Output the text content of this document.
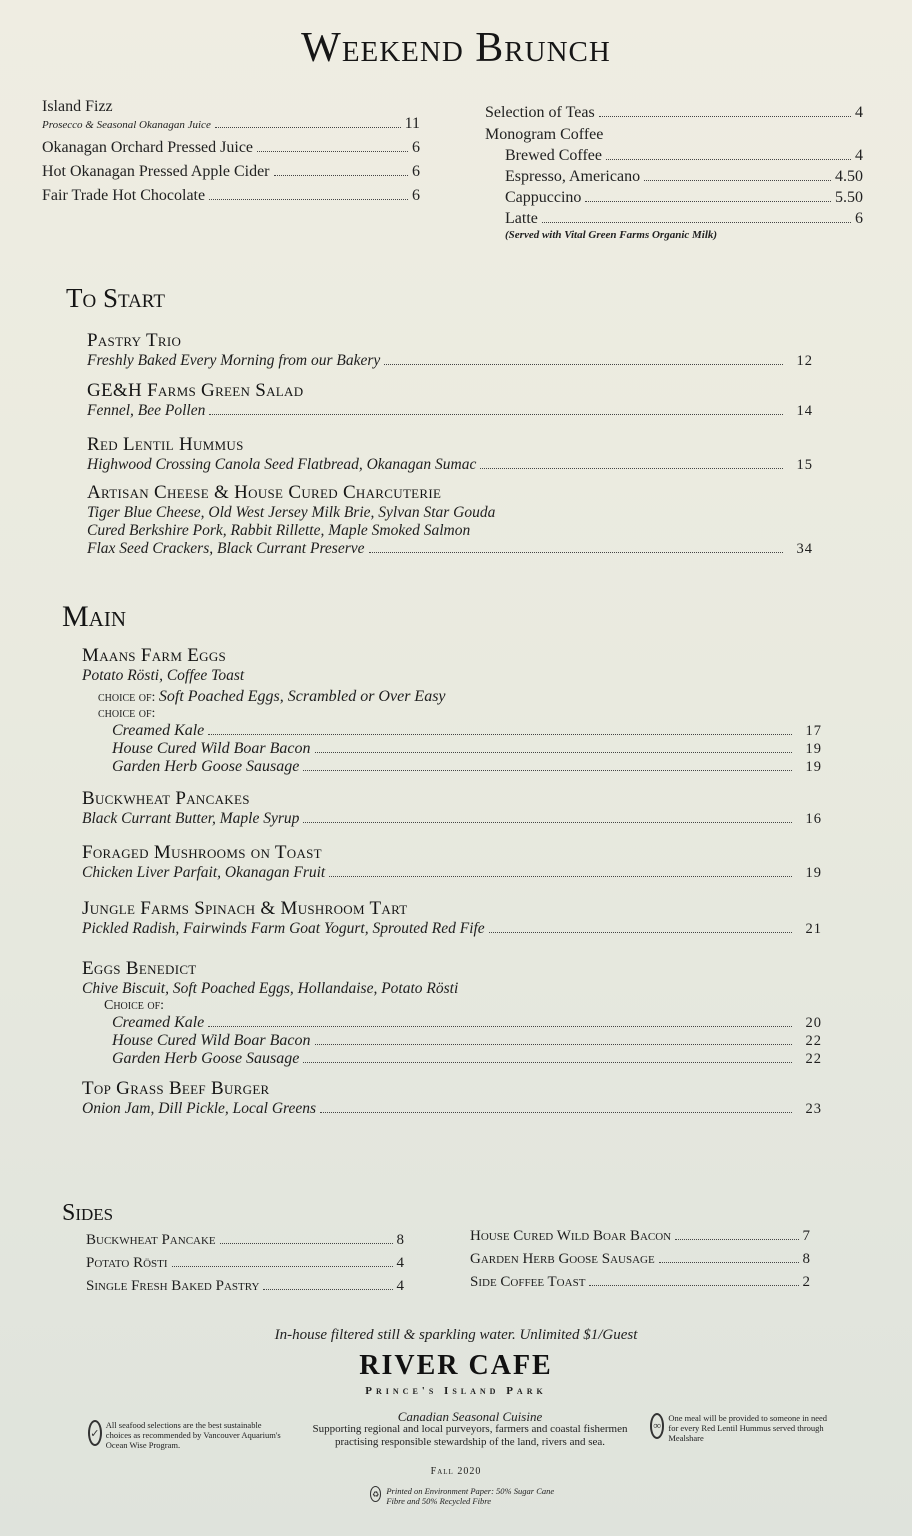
Weekend Brunch
Island Fizz
Prosecco & Seasonal Okanagan Juice	11
Okanagan Orchard Pressed Juice	6
Hot Okanagan Pressed Apple Cider	6
Fair Trade Hot Chocolate	6
Selection of Teas	4
Monogram Coffee
Brewed Coffee	4
Espresso, Americano	4.50
Cappuccino	5.50
Latte	6
(Served with Vital Green Farms Organic Milk)
To Start
Pastry Trio
Freshly Baked Every Morning from our Bakery	12
GE&H Farms Green Salad
Fennel, Bee Pollen	14
Red Lentil Hummus
Highwood Crossing Canola Seed Flatbread, Okanagan Sumac	15
Artisan Cheese & House Cured Charcuterie
Tiger Blue Cheese, Old West Jersey Milk Brie, Sylvan Star Gouda
Cured Berkshire Pork, Rabbit Rillette, Maple Smoked Salmon
Flax Seed Crackers, Black Currant Preserve	34
Main
Maans Farm Eggs
Potato Rösti, Coffee Toast
choice of: Soft Poached Eggs, Scrambled or Over Easy
choice of:
Creamed Kale	17
House Cured Wild Boar Bacon	19
Garden Herb Goose Sausage	19
Buckwheat Pancakes
Black Currant Butter, Maple Syrup	16
Foraged Mushrooms on Toast
Chicken Liver Parfait, Okanagan Fruit	19
Jungle Farms Spinach & Mushroom Tart
Pickled Radish, Fairwinds Farm Goat Yogurt, Sprouted Red Fife	21
Eggs Benedict
Chive Biscuit, Soft Poached Eggs, Hollandaise, Potato Rösti
Choice of:
Creamed Kale	20
House Cured Wild Boar Bacon	22
Garden Herb Goose Sausage	22
Top Grass Beef Burger
Onion Jam, Dill Pickle, Local Greens	23
Sides
Buckwheat Pancake	8
Potato Rösti	4
Single Fresh Baked Pastry	4
House Cured Wild Boar Bacon	7
Garden Herb Goose Sausage	8
Side Coffee Toast	2
In-house filtered still & sparkling water. Unlimited $1/Guest
RIVER CAFE
Prince's Island Park
✓
All seafood selections are the best sustainable choices as recommended by Vancouver Aquarium's Ocean Wise Program.
Canadian Seasonal Cuisine
Supporting regional and local purveyors, farmers and coastal fishermen practising responsible stewardship of the land, rivers and sea.
∞
One meal will be provided to someone in need for every Red Lentil Hummus served through Mealshare
Fall 2020
♻ Printed on Environment Paper: 50% Sugar Cane Fibre and 50% Recycled Fibre
